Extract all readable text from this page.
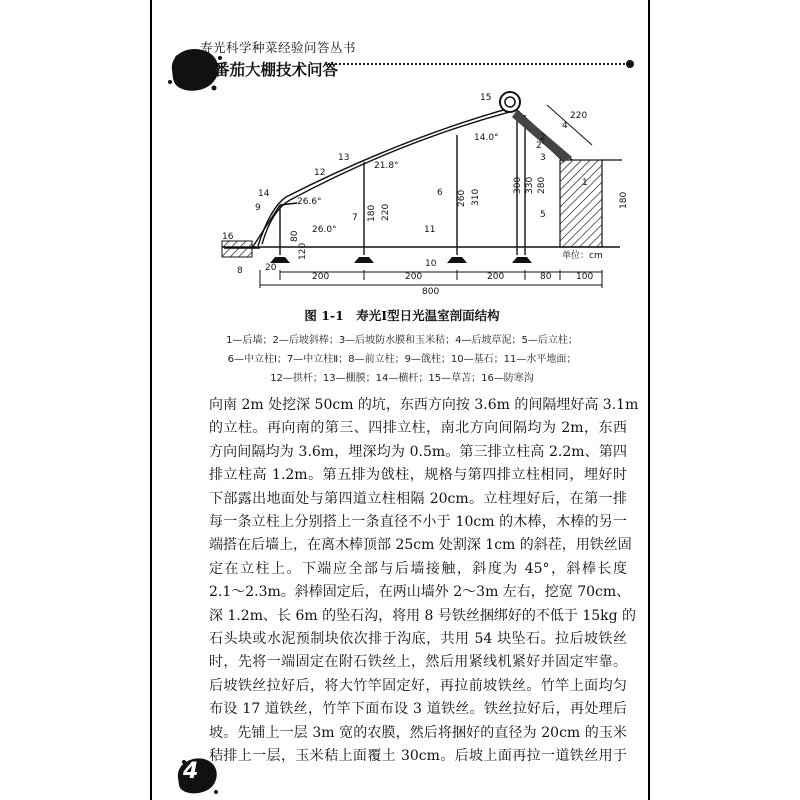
寿光科学种菜经验问答丛书
番茄大棚技术问答
1
2
2'
3
4
5
6
7
8
9
10
11
12
13
14
15
16
14.0°
21.8°
26.6°
26.0°
80
120
180 220
260 310
300 330 280
180
20
200	200	200	80	100
800
220
单位：cm
图 1-1　寿光Ⅰ型日光温室剖面结构
1—后墙；2—后坡斜棒；3—后坡防水膜和玉米秸；4—后坡草泥；5—后立柱；
6—中立柱Ⅰ；7—中立柱Ⅱ；8—前立柱；9—戗柱；10—基石；11—水平地面；
12—拱杆；13—棚膜；14—横杆；15—草苫；16—防寒沟
向南 2m 处挖深 50cm 的坑，东西方向按 3.6m 的间隔埋好高 3.1m
的立柱。再向南的第三、四排立柱，南北方向间隔均为 2m，东西
方向间隔均为 3.6m，埋深均为 0.5m。第三排立柱高 2.2m、第四
排立柱高 1.2m。第五排为戗柱，规格与第四排立柱相同，埋好时
下部露出地面处与第四道立柱相隔 20cm。立柱埋好后，在第一排
每一条立柱上分别搭上一条直径不小于 10cm 的木棒，木棒的另一
端搭在后墙上，在离木棒顶部 25cm 处割深 1cm 的斜茬，用铁丝固
定在立柱上。下端应全部与后墙接触，斜度为 45°，斜棒长度
2.1～2.3m。斜棒固定后，在两山墙外 2～3m 左右，挖宽 70cm、
深 1.2m、长 6m 的坠石沟，将用 8 号铁丝捆绑好的不低于 15kg 的
石头块或水泥预制块依次排于沟底，共用 54 块坠石。拉后坡铁丝
时，先将一端固定在附石铁丝上，然后用紧线机紧好并固定牢靠。
后坡铁丝拉好后，将大竹竿固定好，再拉前坡铁丝。竹竿上面均匀
布设 17 道铁丝，竹竿下面布设 3 道铁丝。铁丝拉好后，再处理后
坡。先铺上一层 3m 宽的农膜，然后将捆好的直径为 20cm 的玉米
秸排上一层，玉米秸上面覆土 30cm。后坡上面再拉一道铁丝用于
4
